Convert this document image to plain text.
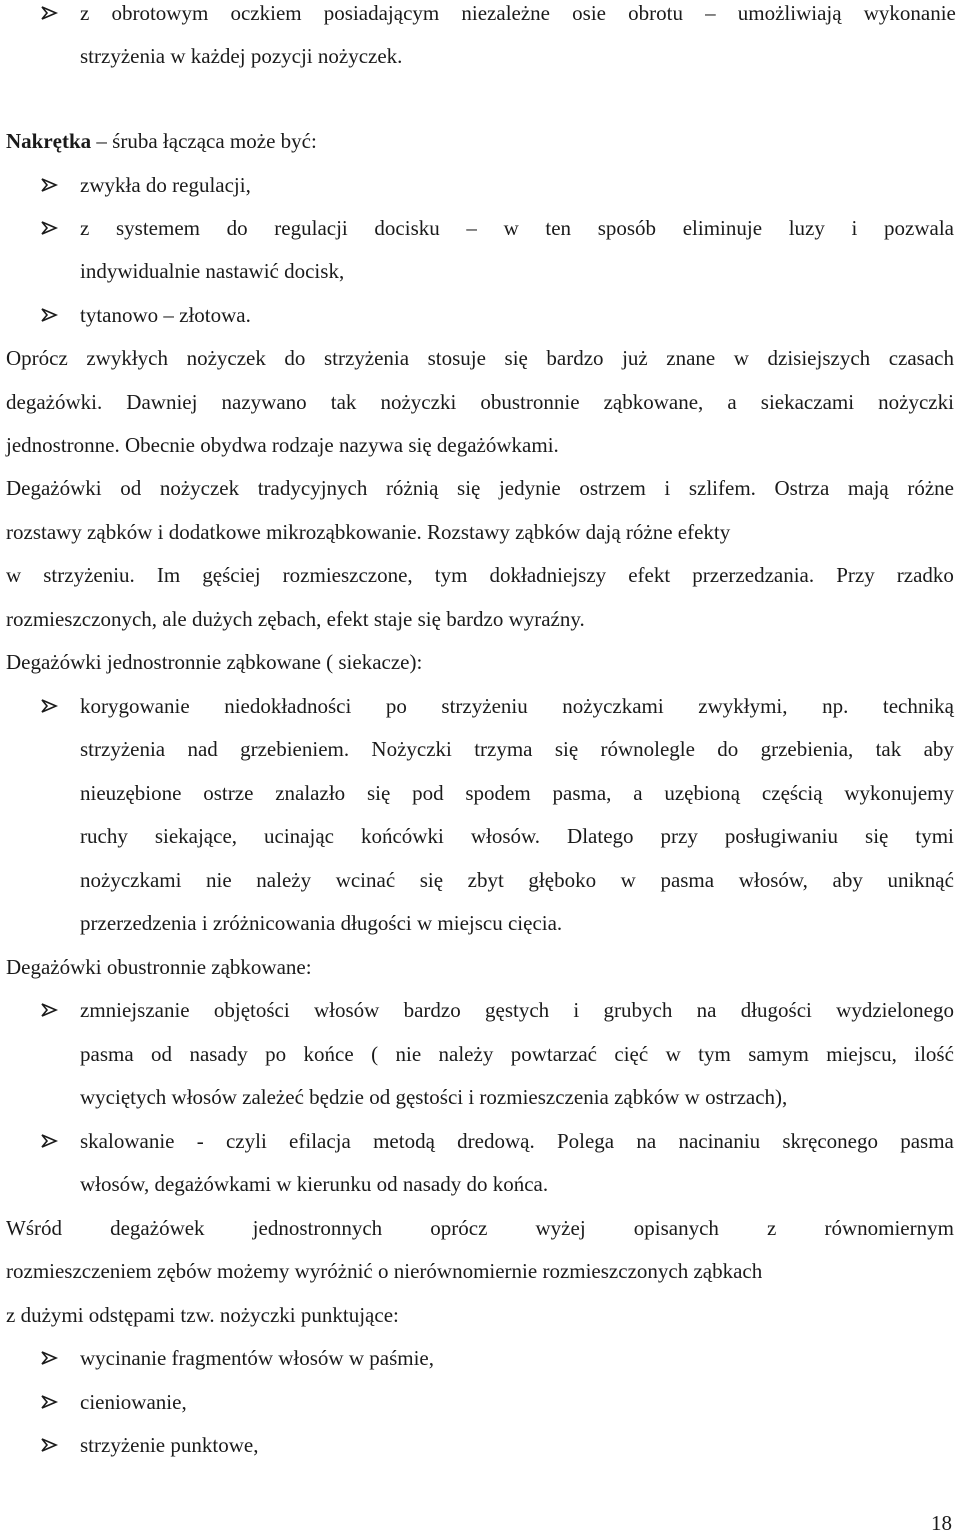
z obrotowym oczkiem posiadającym niezależne osie obrotu – umożliwiają wykonanie
strzyżenia w każdej pozycji nożyczek.
Nakrętka – śruba łącząca może być:
zwykła do regulacji,
z systemem do regulacji docisku – w ten sposób eliminuje luzy i pozwala
indywidualnie nastawić docisk,
tytanowo – złotowa.
Oprócz zwykłych nożyczek do strzyżenia stosuje się bardzo już znane w dzisiejszych czasach
degażówki. Dawniej nazywano tak nożyczki obustronnie ząbkowane, a siekaczami nożyczki
jednostronne. Obecnie obydwa rodzaje nazywa się degażówkami.
Degażówki od nożyczek tradycyjnych różnią się jedynie ostrzem i szlifem. Ostrza mają różne
rozstawy ząbków i dodatkowe mikroząbkowanie. Rozstawy ząbków dają różne efekty
w strzyżeniu. Im gęściej rozmieszczone, tym dokładniejszy efekt przerzedzania. Przy rzadko
rozmieszczonych, ale dużych zębach, efekt staje się bardzo wyraźny.
Degażówki jednostronnie ząbkowane ( siekacze):
korygowanie niedokładności po strzyżeniu nożyczkami zwykłymi, np. techniką
strzyżenia nad grzebieniem. Nożyczki trzyma się równolegle do grzebienia, tak aby
nieuzębione ostrze znalazło się pod spodem pasma, a uzębioną częścią wykonujemy
ruchy siekające, ucinając końcówki włosów. Dlatego przy posługiwaniu się tymi
nożyczkami nie należy wcinać się zbyt głęboko w pasma włosów, aby uniknąć
przerzedzenia i zróżnicowania długości w miejscu cięcia.
Degażówki obustronnie ząbkowane:
zmniejszanie objętości włosów bardzo gęstych i grubych na długości wydzielonego
pasma od nasady po końce ( nie należy powtarzać cięć w tym samym miejscu, ilość
wyciętych włosów zależeć będzie od gęstości i rozmieszczenia ząbków w ostrzach),
skalowanie - czyli efilacja metodą dredową. Polega na nacinaniu skręconego pasma
włosów, degażówkami w kierunku od nasady do końca.
Wśród degażówek jednostronnych oprócz wyżej opisanych z równomiernym
rozmieszczeniem zębów możemy wyróżnić o nierównomiernie rozmieszczonych ząbkach
z dużymi odstępami tzw. nożyczki punktujące:
wycinanie fragmentów włosów w paśmie,
cieniowanie,
strzyżenie punktowe,
18
